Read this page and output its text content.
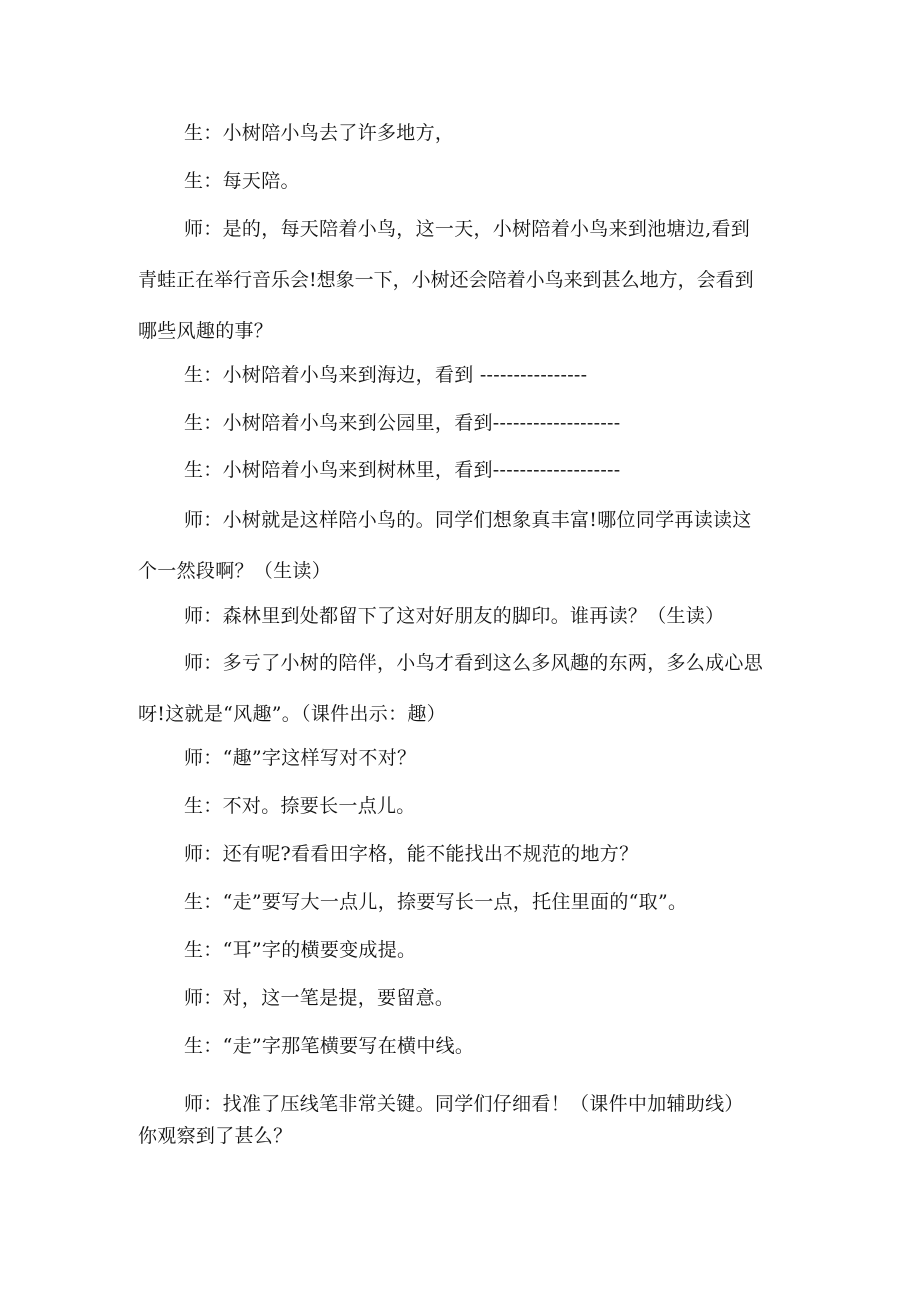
生：小树陪小鸟去了许多地方，
生：每天陪。
师：是的，每天陪着小鸟，这一天，小树陪着小鸟来到池塘边,看到
青蛙正在举行音乐会!想象一下，小树还会陪着小鸟来到甚么地方，会看到
哪些风趣的事？
生：小树陪着小鸟来到海边，看到 ----------------
生：小树陪着小鸟来到公园里，看到-------------------
生：小树陪着小鸟来到树林里，看到-------------------
师：小树就是这样陪小鸟的。同学们想象真丰富!哪位同学再读读这
个一然段啊？（生读）
师：森林里到处都留下了这对好朋友的脚印。谁再读？（生读）
师：多亏了小树的陪伴，小鸟才看到这么多风趣的东两，多么成心思
呀!这就是“风趣”。（课件出示：趣）
师：“趣”字这样写对不对？
生：不对。捺要长一点儿。
师：还有呢?看看田字格，能不能找出不规范的地方？
生：“走”要写大一点儿，捺要写长一点，托住里面的“取”。
生：“耳”字的横要变成提。
师：对，这一笔是提，要留意。
生：“走”字那笔横要写在横中线。
师：找准了压线笔非常关键。同学们仔细看！（课件中加辅助线）
你观察到了甚么？
